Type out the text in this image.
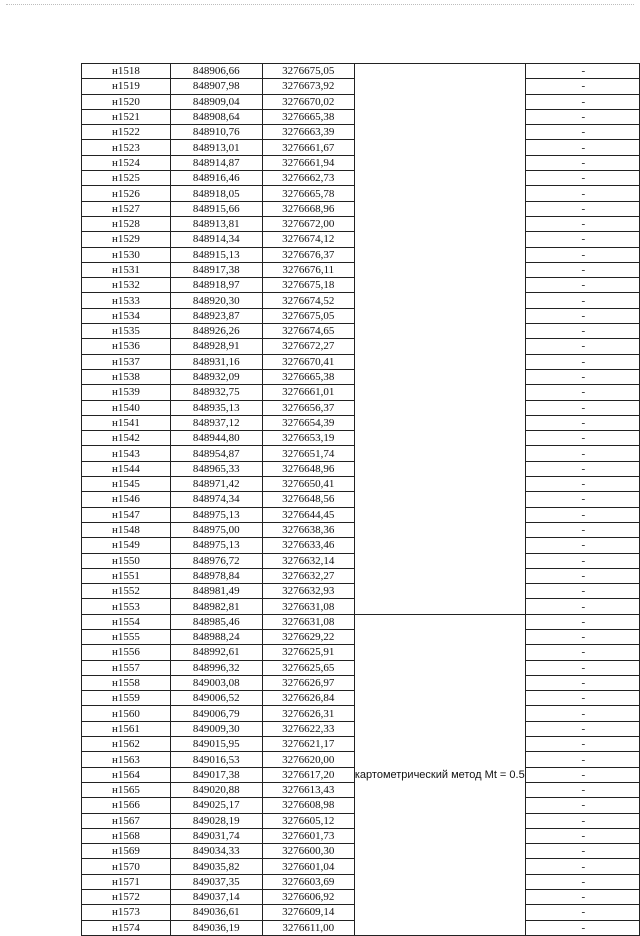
н1518	848906,66	3276675,05		-
н1519	848907,98	3276673,92		-
н1520	848909,04	3276670,02		-
н1521	848908,64	3276665,38		-
н1522	848910,76	3276663,39		-
н1523	848913,01	3276661,67		-
н1524	848914,87	3276661,94		-
н1525	848916,46	3276662,73		-
н1526	848918,05	3276665,78		-
н1527	848915,66	3276668,96		-
н1528	848913,81	3276672,00		-
н1529	848914,34	3276674,12		-
н1530	848915,13	3276676,37		-
н1531	848917,38	3276676,11		-
н1532	848918,97	3276675,18		-
н1533	848920,30	3276674,52		-
н1534	848923,87	3276675,05		-
н1535	848926,26	3276674,65		-
н1536	848928,91	3276672,27		-
н1537	848931,16	3276670,41		-
н1538	848932,09	3276665,38		-
н1539	848932,75	3276661,01		-
н1540	848935,13	3276656,37		-
н1541	848937,12	3276654,39		-
н1542	848944,80	3276653,19		-
н1543	848954,87	3276651,74		-
н1544	848965,33	3276648,96		-
н1545	848971,42	3276650,41		-
н1546	848974,34	3276648,56		-
н1547	848975,13	3276644,45		-
н1548	848975,00	3276638,36		-
н1549	848975,13	3276633,46		-
н1550	848976,72	3276632,14		-
н1551	848978,84	3276632,27		-
н1552	848981,49	3276632,93		-
н1553	848982,81	3276631,08		-
н1554	848985,46	3276631,08	картометрический метод Mt = 0.5	-
н1555	848988,24	3276629,22		-
н1556	848992,61	3276625,91		-
н1557	848996,32	3276625,65		-
н1558	849003,08	3276626,97		-
н1559	849006,52	3276626,84		-
н1560	849006,79	3276626,31		-
н1561	849009,30	3276622,33		-
н1562	849015,95	3276621,17		-
н1563	849016,53	3276620,00		-
н1564	849017,38	3276617,20		-
н1565	849020,88	3276613,43		-
н1566	849025,17	3276608,98		-
н1567	849028,19	3276605,12		-
н1568	849031,74	3276601,73		-
н1569	849034,33	3276600,30		-
н1570	849035,82	3276601,04		-
н1571	849037,35	3276603,69		-
н1572	849037,14	3276606,92		-
н1573	849036,61	3276609,14		-
н1574	849036,19	3276611,00		-
